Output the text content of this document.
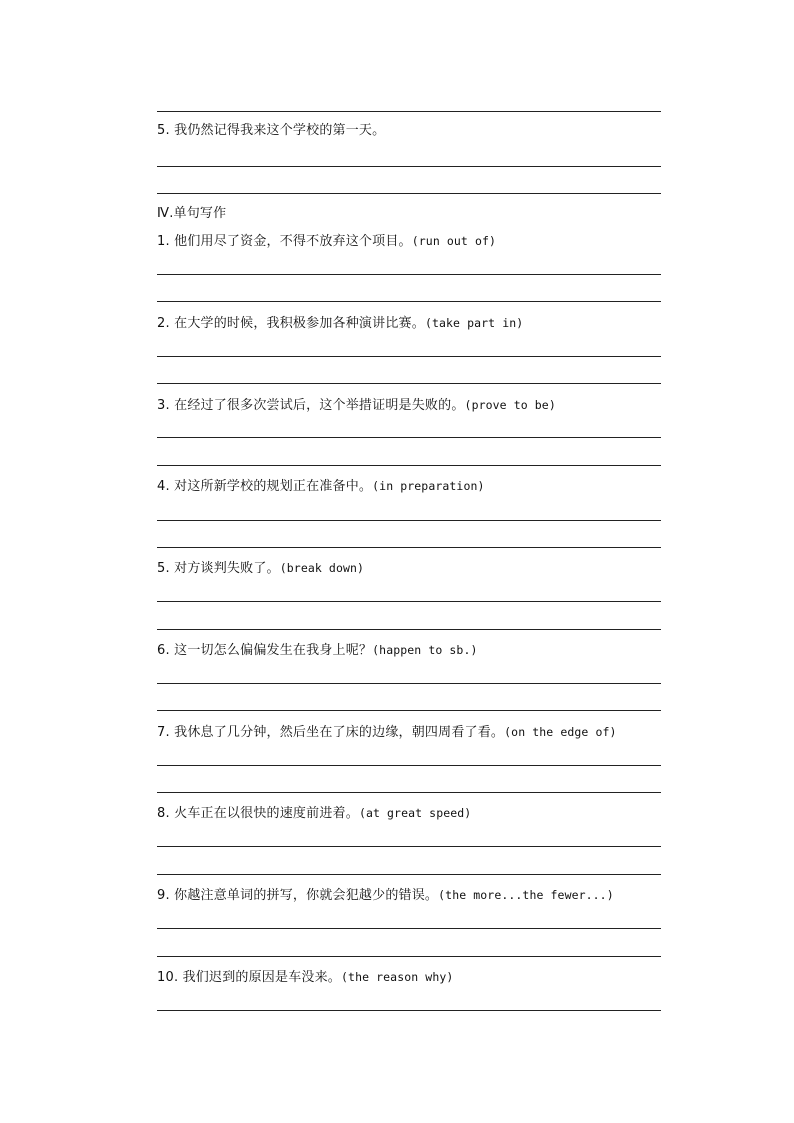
5. 我仍然记得我来这个学校的第一天。
Ⅳ.单句写作
1. 他们用尽了资金，不得不放弃这个项目。(run out of)
2. 在大学的时候，我积极参加各种演讲比赛。(take part in)
3. 在经过了很多次尝试后，这个举措证明是失败的。(prove to be)
4. 对这所新学校的规划正在准备中。(in preparation)
5. 对方谈判失败了。(break down)
6. 这一切怎么偏偏发生在我身上呢？(happen to sb.)
7. 我休息了几分钟，然后坐在了床的边缘，朝四周看了看。(on the edge of)
8. 火车正在以很快的速度前进着。(at great speed)
9. 你越注意单词的拼写，你就会犯越少的错误。(the more...the fewer...)
10. 我们迟到的原因是车没来。(the reason why)
